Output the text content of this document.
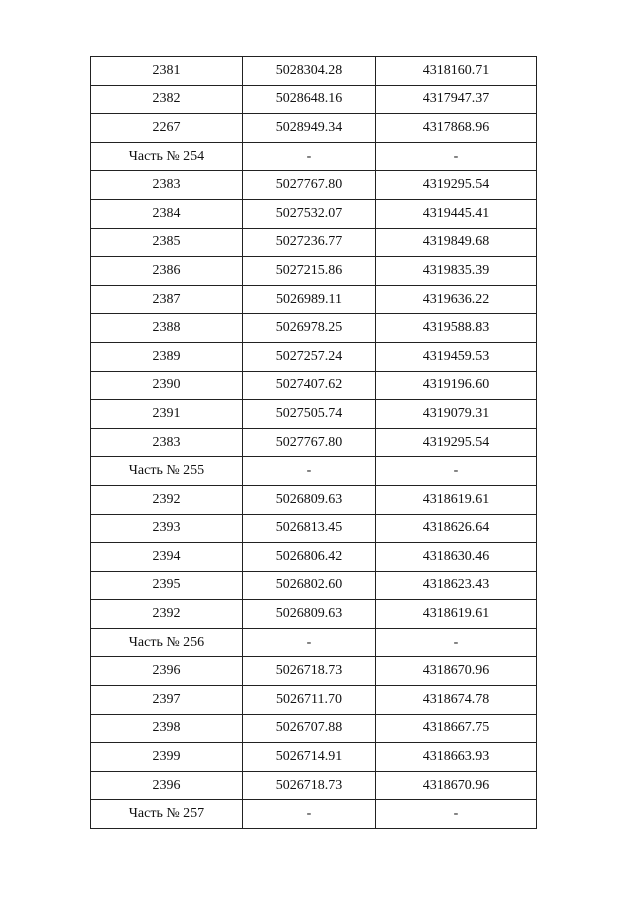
2381	5028304.28	4318160.71
2382	5028648.16	4317947.37
2267	5028949.34	4317868.96
Часть № 254	-	-
2383	5027767.80	4319295.54
2384	5027532.07	4319445.41
2385	5027236.77	4319849.68
2386	5027215.86	4319835.39
2387	5026989.11	4319636.22
2388	5026978.25	4319588.83
2389	5027257.24	4319459.53
2390	5027407.62	4319196.60
2391	5027505.74	4319079.31
2383	5027767.80	4319295.54
Часть № 255	-	-
2392	5026809.63	4318619.61
2393	5026813.45	4318626.64
2394	5026806.42	4318630.46
2395	5026802.60	4318623.43
2392	5026809.63	4318619.61
Часть № 256	-	-
2396	5026718.73	4318670.96
2397	5026711.70	4318674.78
2398	5026707.88	4318667.75
2399	5026714.91	4318663.93
2396	5026718.73	4318670.96
Часть № 257	-	-
